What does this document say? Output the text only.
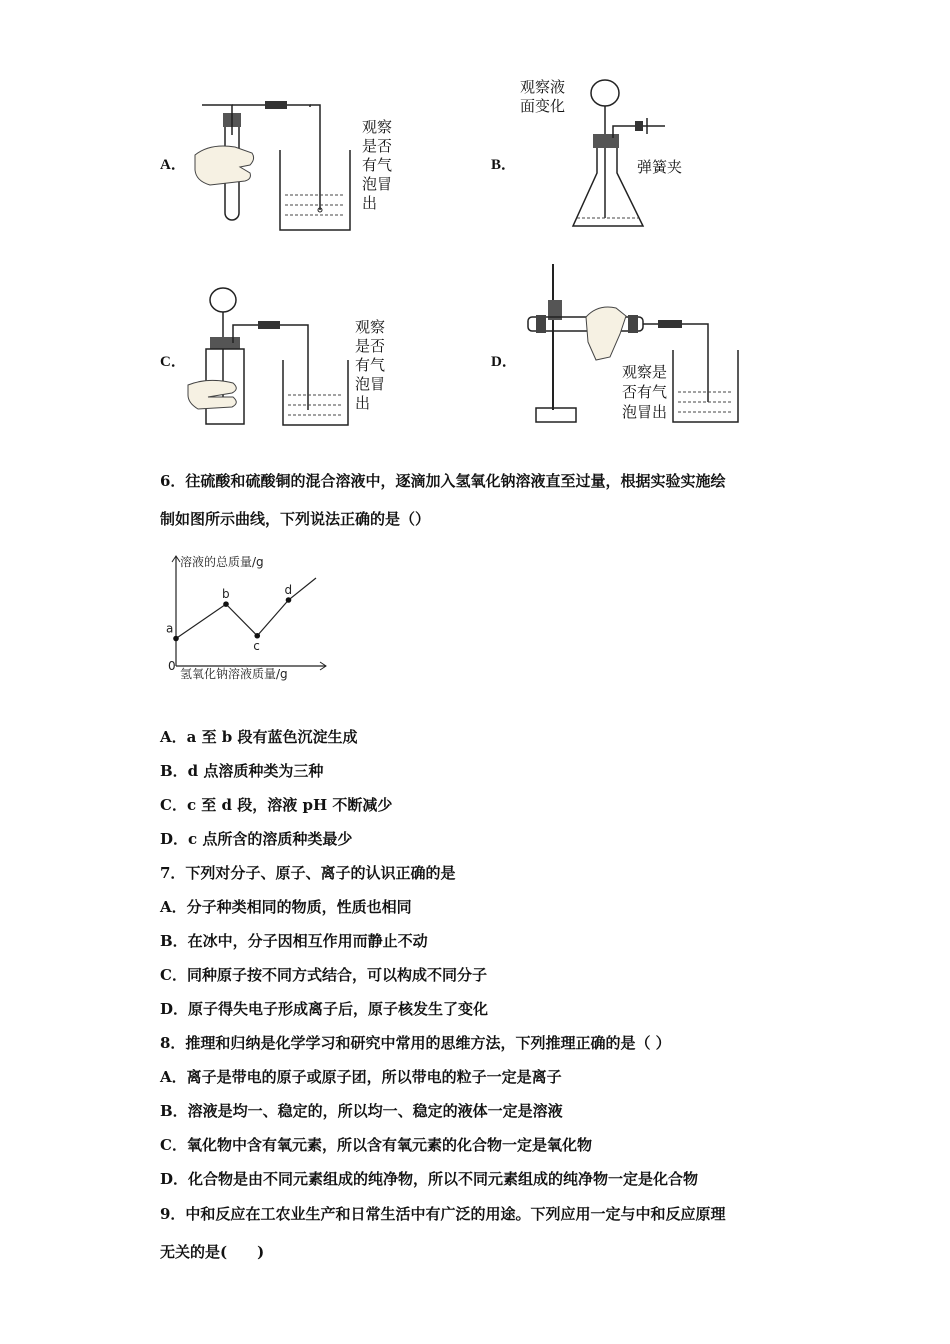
A．
观察
是否
有气
泡冒
出
B．
观察液
面变化
弹簧夹
C．
观察
是否
有气
泡冒
出
D．
观察是
否有气
泡冒出
6．往硫酸和硫酸铜的混合溶液中，逐滴加入氢氧化钠溶液直至过量，根据实验实施绘
制如图所示曲线，下列说法正确的是（）
溶液的总质量/g
氢氧化钠溶液质量/g
0
a
b
c
d
A．a 至 b 段有蓝色沉淀生成
B．d 点溶质种类为三种
C．c 至 d 段，溶液 pH 不断减少
D．c 点所含的溶质种类最少
7．下列对分子、原子、离子的认识正确的是
A．分子种类相同的物质，性质也相同
B．在冰中，分子因相互作用而静止不动
C．同种原子按不同方式结合，可以构成不同分子
D．原子得失电子形成离子后，原子核发生了变化
8．推理和归纳是化学学习和研究中常用的思维方法，下列推理正确的是（ ）
A．离子是带电的原子或原子团，所以带电的粒子一定是离子
B．溶液是均一、稳定的，所以均一、稳定的液体一定是溶液
C．氧化物中含有氧元素，所以含有氧元素的化合物一定是氧化物
D．化合物是由不同元素组成的纯净物，所以不同元素组成的纯净物一定是化合物
9．中和反应在工农业生产和日常生活中有广泛的用途。下列应用一定与中和反应原理
无关的是(　　)
